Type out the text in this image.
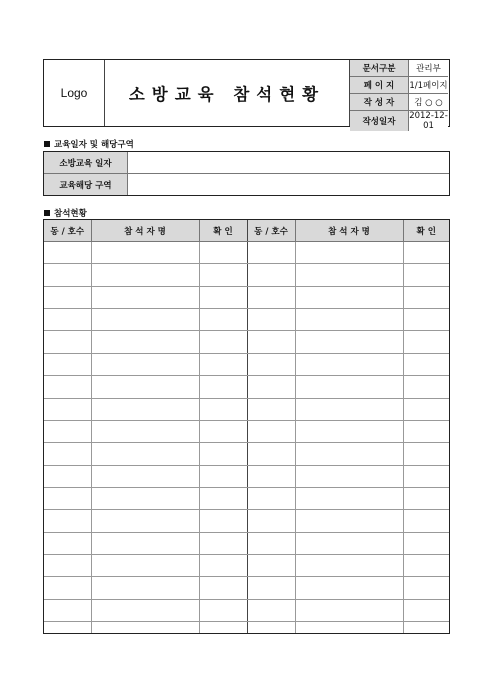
Logo	소방교육 참석현황
문서구분	관리부
페 이 지	1/1페이지
작 성 자	김 ○ ○
작성일자	2012-12-01
교육일자 및 해당구역
소방교육 일자	
교육해당 구역	
참석현황
동 / 호수	참 석 자 명	확 인	동 / 호수	참 석 자 명	확 인
